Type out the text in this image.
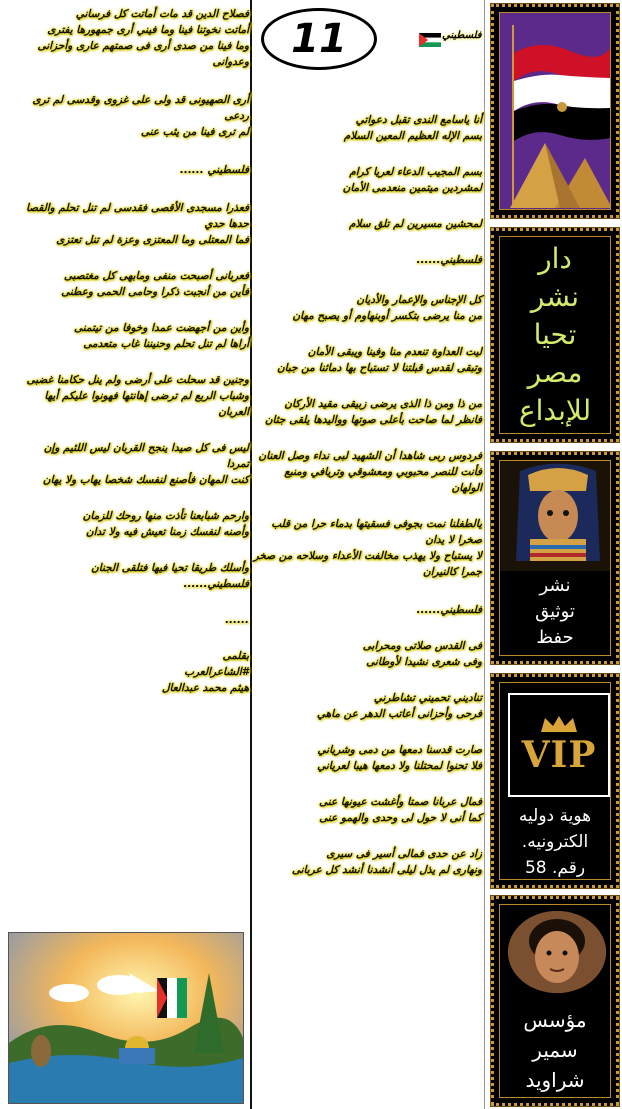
11	فلسطيني
أنا ياسامع الندى تقبل دعواتي
بسم الإله العظيم المعين السلام
بسم المجيب الدعاء لعريا كرام
لمشردين ميتمين منعدمى الأمان
لمحشين مسيرين لم تلق سلام
فلسطيني......
كل الإجناس والإعمار والأديان
من منا يرضى بتكسر أوبنهاوم أو يصبح مهان
ليت العداوة تنعدم منا وفينا ويبقى الأمان
وتبقى لقدس قبلتنا لا تستباح بها دمائنا من جبان
من ذا ومن ذا الذى يرضى زبيقى مقيد الأركان
فانظر لما صاحت بأعلى صوتها وواليدها يلقى جثان
فردوس ربى شاهدا أن الشهيد لبى نداء وصل العنان
فأنت للنصر محبوبي ومعشوقي وتريافي ومنبع
الولهان
يالطفلنا نمت بجوفى فسقيتها بدماء حرا من قلب
صخرا لا يدان
لا يستباح ولا يهذب مخالفت الأعداء وسلاحه من صخر
جمرا كالنيران
فلسطيني......
فى القدس صلاتى ومحرابى
وفى شعرى نشيدا لأوطانى
تناديني تحميني تشاطرني
فرحى وأحزانى أعاتب الدهر عن ماهي
صارت قدسنا دمعها من دمى وشرياني
فلا تحنوا لمحتلنا ولا دمعها هيبا لعرياني
فمال عربانا صمتا وأغشت عيونها عنى
كما أنى لا حول لى وحدى والهمو عنى
زاد عن حدى فمالى أسير فى سيرى
ونهارى لم يذل ليلى أنشدنا أنشد كل عربانى
فصلاح الدين قد مات أماتت كل فرساني
أماتت نخوتنا فينا وما فيني أرى جمهورها يفترى
وما فينا من صدى أرى فى صمتهم عارى وأحزانى
وعدوانى
أرى الصهيونى قد ولى على غزوى وقدسى لم ترى
ردعى
لم ترى فينا من يثب عنى
فلسطيني ......
فعذرا مسجدى الأقصى فقدسى لم تنل تحلم والقصا
حدها حدي
فما المعتلى وما المعتزى وعزة لم تنل تعتزى
فعربانى أصبحت منفى ومابهى كل مغتصبى
فأين من أنجبت ذكرا وحامى الحمى وعطنى
وأين من أجهضت عمدا وخوفا من تيتمنى
أراها لم تنل تحلم وحنيننا غاب متعدمى
وجنين قد سحلت على أرضى ولم ينل حكامنا غضبى
وشباب الربع لم ترضى إهانتها فهونوا عليكم أيها
العربان
ليس فى كل صيدا ينجح القربان ليس اللئيم وإن
تمردا
كنت المهان فأصنع لنفسك شخصا يهاب ولا يهان
وارحم شبابعنا تأذت منها روحك للزمان
وأصنه لنفسك زمنا تعيش فيه ولا تدان
وأسلك طريقا تحيا فيها فتلقى الجنان
فلسطيني......
......
بقلمى
#الشاعرالعرب
هيثم محمد عبدالعال
دار
نشر
تحيا
مصر
للإبداع
نشر
توثيق
حفظ
VIP
هوية دوليه
الكترونيه.
رقم. 58
مؤسس
سمير
شراويد
